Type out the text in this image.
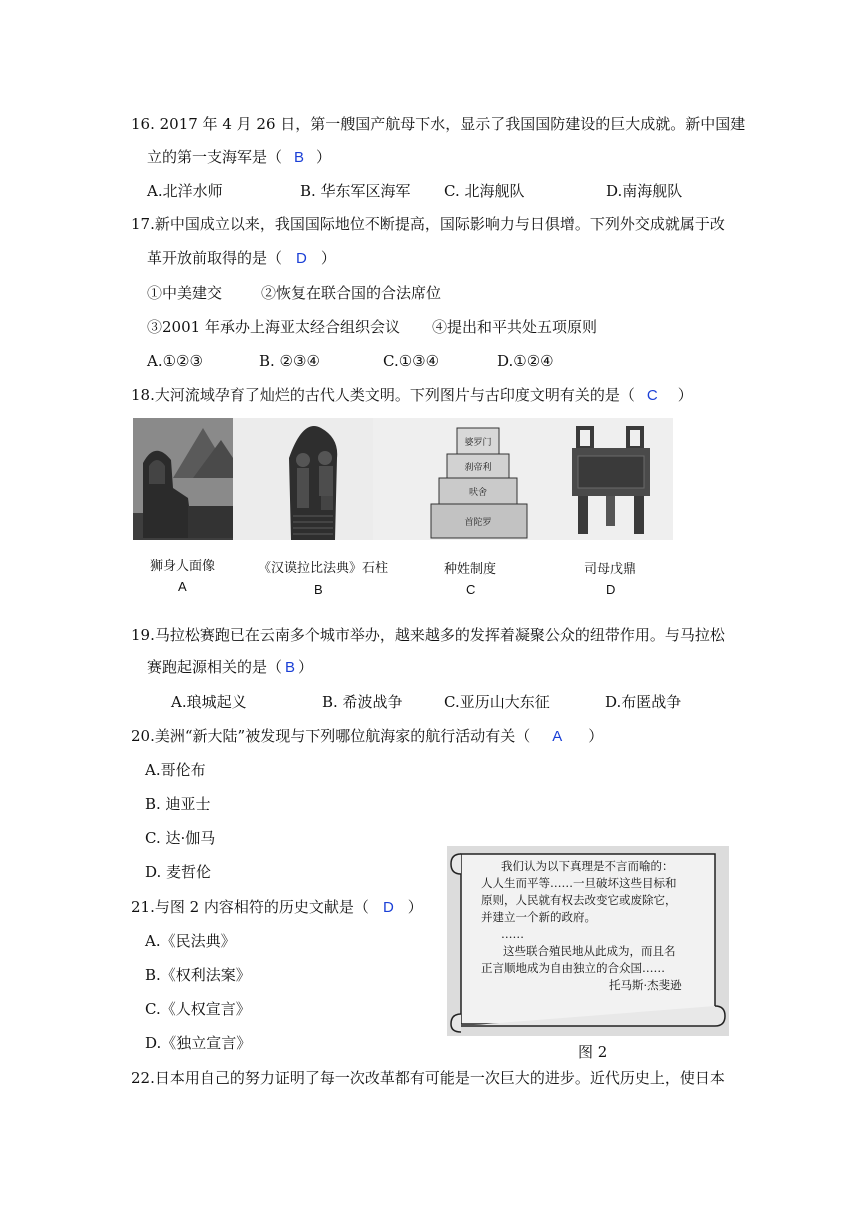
16. 2017 年 4 月 26 日，第一艘国产航母下水，显示了我国国防建设的巨大成就。新中国建
立的第一支海军是（ B ）
A.北洋水师	B. 华东军区海军 C. 北海舰队	D.南海舰队
17.新中国成立以来，我国国际地位不断提高，国际影响力与日俱增。下列外交成就属于改
革开放前取得的是（ D ）
①中美建交	②恢复在联合国的合法席位
③2001 年承办上海亚太经合组织会议 ④提出和平共处五项原则
A.①②③	B. ②③④	C.①③④	D.①②④
18.大河流域孕育了灿烂的古代人类文明。下列图片与古印度文明有关的是（ C ）
婆罗门
刹帝利
吠舍
首陀罗
狮身人面像	《汉谟拉比法典》石柱	种姓制度	司母戊鼎
A	B	C	D
19.马拉松赛跑已在云南多个城市举办，越来越多的发挥着凝聚公众的纽带作用。与马拉松
赛跑起源相关的是（ B ）
A.琅城起义	B. 希波战争	C.亚历山大东征	D.布匿战争
20.美洲“新大陆”被发现与下列哪位航海家的航行活动有关（ A ）
A.哥伦布
B. 迪亚士
C. 达·伽马
D. 麦哲伦
21.与图 2 内容相符的历史文献是（ D ）
A.《民法典》
B.《权利法案》
C.《人权宣言》
D.《独立宣言》
我们认为以下真理是不言而喻的：
人人生而平等……一旦破坏这些目标和
原则，人民就有权去改变它或废除它，
并建立一个新的政府。
……
这些联合殖民地从此成为，而且名
正言顺地成为自由独立的合众国……
托马斯·杰斐逊
图 2
22.日本用自己的努力证明了每一次改革都有可能是一次巨大的进步。近代历史上，使日本
